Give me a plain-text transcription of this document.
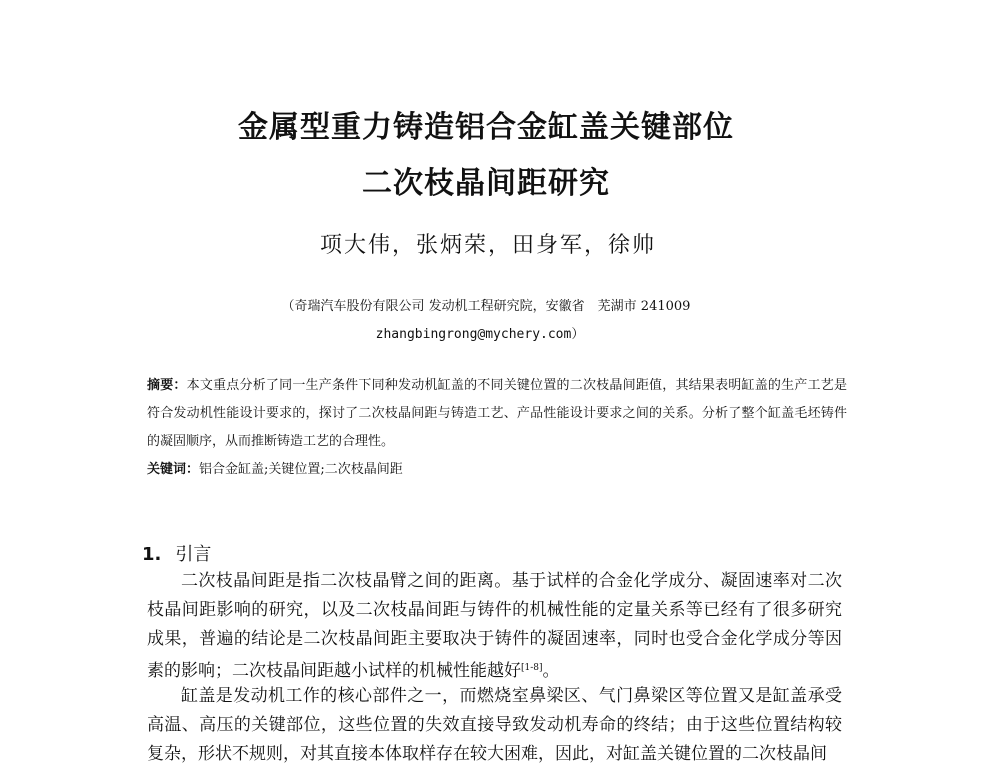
金属型重力铸造铝合金缸盖关键部位
二次枝晶间距研究
项大伟，张炳荣，田身军，徐帅
（奇瑞汽车股份有限公司 发动机工程研究院，安徽省　芜湖市 241009
zhangbingrong@mychery.com）
摘要：本文重点分析了同一生产条件下同种发动机缸盖的不同关键位置的二次枝晶间距值，其结果表明缸盖的生产工艺是符合发动机性能设计要求的，探讨了二次枝晶间距与铸造工艺、产品性能设计要求之间的关系。分析了整个缸盖毛坯铸件的凝固顺序，从而推断铸造工艺的合理性。
关键词：铝合金缸盖;关键位置;二次枝晶间距
1. 引言
二次枝晶间距是指二次枝晶臂之间的距离。基于试样的合金化学成分、凝固速率对二次枝晶间距影响的研究，以及二次枝晶间距与铸件的机械性能的定量关系等已经有了很多研究成果，普遍的结论是二次枝晶间距主要取决于铸件的凝固速率，同时也受合金化学成分等因素的影响；二次枝晶间距越小试样的机械性能越好[1-8]。
缸盖是发动机工作的核心部件之一，而燃烧室鼻梁区、气门鼻梁区等位置又是缸盖承受高温、高压的关键部位，这些位置的失效直接导致发动机寿命的终结；由于这些位置结构较复杂，形状不规则，对其直接本体取样存在较大困难，因此，对缸盖关键位置的二次枝晶间
